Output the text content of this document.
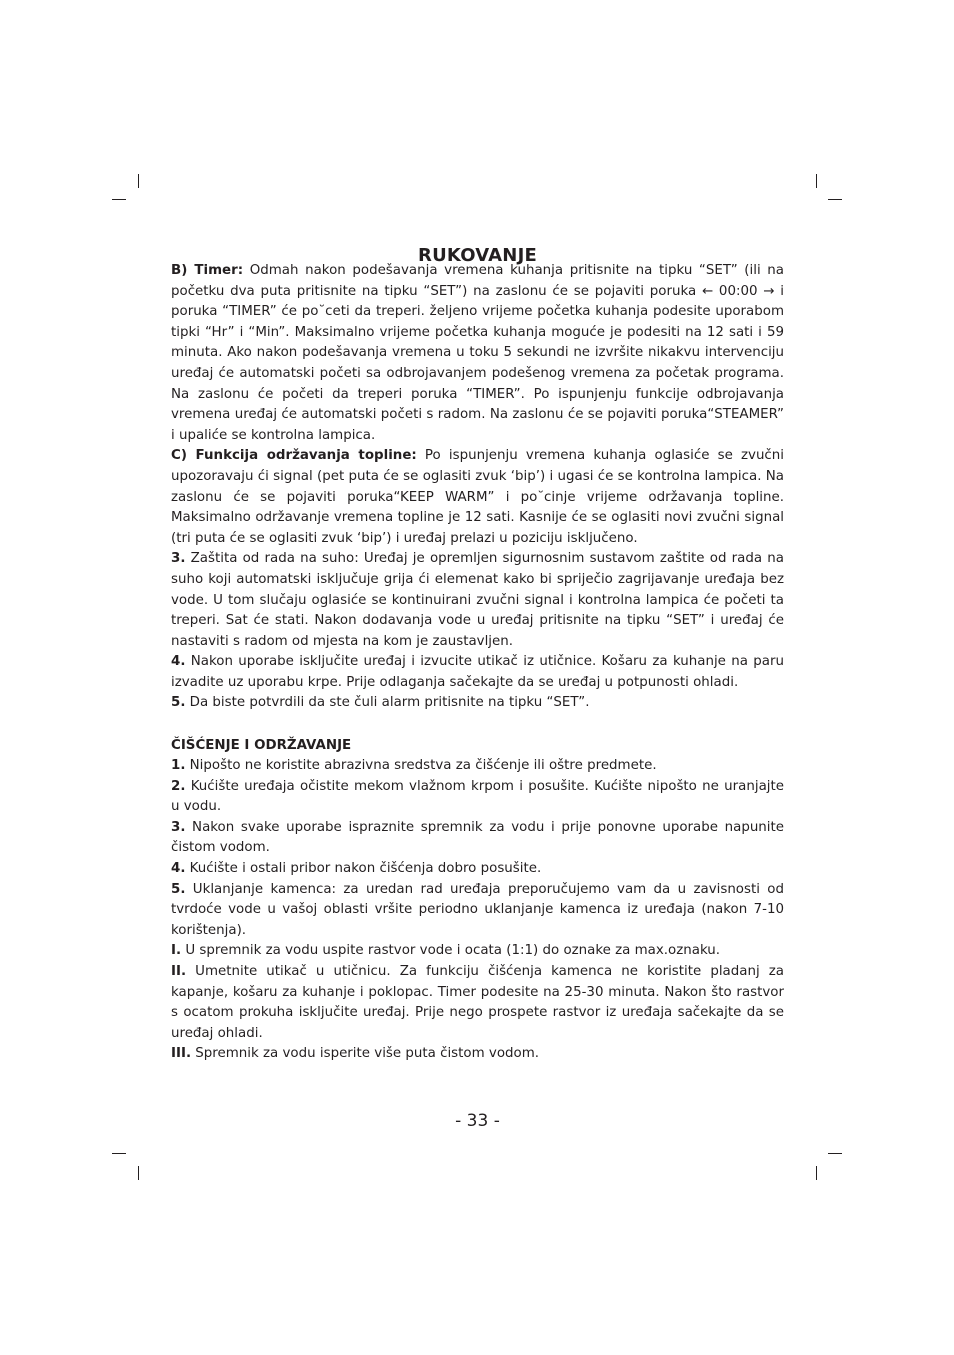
RUKOVANJE

B) Timer: Odmah nakon podešavanja vremena kuhanja pritisnite na tipku “SET” (ili na početku dva puta pritisnite na tipku “SET”) na zaslonu će se pojaviti poruka ← 00:00 → i poruka “TIMER” će po˘ceti da treperi. željeno vrijeme početka kuhanja podesite uporabom tipki “Hr” i “Min”. Maksimalno vrijeme početka kuhanja moguće je podesiti na 12 sati i 59 minuta. Ako nakon podešavanja vremena u toku 5 sekundi ne izvršite nikakvu intervenciju uređaj će automatski početi sa odbrojavanjem podešenog vremena za početak programa. Na zaslonu će početi da treperi poruka “TIMER”. Po ispunjenju funkcije odbrojavanja vremena uređaj će automatski početi s radom. Na zaslonu će se pojaviti poruka“STEAMER” i upaliće se kontrolna lampica.

C) Funkcija održavanja topline: Po ispunjenju vremena kuhanja oglasiće se zvučni upozoravaju ći signal (pet puta će se oglasiti zvuk ‘bip’) i ugasi će se kontrolna lampica. Na zaslonu će se pojaviti poruka“KEEP WARM” i po˘cinje vrijeme održavanja topline. Maksimalno održavanje vremena topline je 12 sati. Kasnije će se oglasiti novi zvučni signal (tri puta će se oglasiti zvuk ‘bip’) i uređaj prelazi u poziciju isključeno.

3. Zaštita od rada na suho: Uređaj je opremljen sigurnosnim sustavom zaštite od rada na suho koji automatski isključuje grija ći elemenat kako bi spriječio zagrijavanje uređaja bez vode. U tom slučaju oglasiće se kontinuirani zvučni signal i kontrolna lampica će početi ta treperi. Sat će stati. Nakon dodavanja vode u uređaj pritisnite na tipku “SET” i uređaj će nastaviti s radom od mjesta na kom je zaustavljen.

4. Nakon uporabe isključite uređaj i izvucite utikač iz utičnice. Košaru za kuhanje na paru izvadite uz uporabu krpe. Prije odlaganja sačekajte da se uređaj u potpunosti ohladi.

5. Da biste potvrdili da ste čuli alarm pritisnite na tipku “SET”.

ČIŠĆENJE I ODRŽAVANJE

1. Nipošto ne koristite abrazivna sredstva za čišćenje ili oštre predmete.

2. Kućište uređaja očistite mekom vlažnom krpom i posušite. Kućište nipošto ne uranjajte u vodu.

3. Nakon svake uporabe ispraznite spremnik za vodu i prije ponovne uporabe napunite čistom vodom.

4. Kućište i ostali pribor nakon čišćenja dobro posušite.

5. Uklanjanje kamenca: za uredan rad uređaja preporučujemo vam da u zavisnosti od tvrdoće vode u vašoj oblasti vršite periodno uklanjanje kamenca iz uređaja (nakon 7-10 korištenja).

I. U spremnik za vodu uspite rastvor vode i ocata (1:1) do oznake za max.oznaku.

II. Umetnite utikač u utičnicu. Za funkciju čišćenja kamenca ne koristite pladanj za kapanje, košaru za kuhanje i poklopac. Timer podesite na 25-30 minuta. Nakon što rastvor s ocatom prokuha isključite uređaj. Prije nego prospete rastvor iz uređaja sačekajte da se uređaj ohladi.

III. Spremnik za vodu isperite više puta čistom vodom.

- 33 -
